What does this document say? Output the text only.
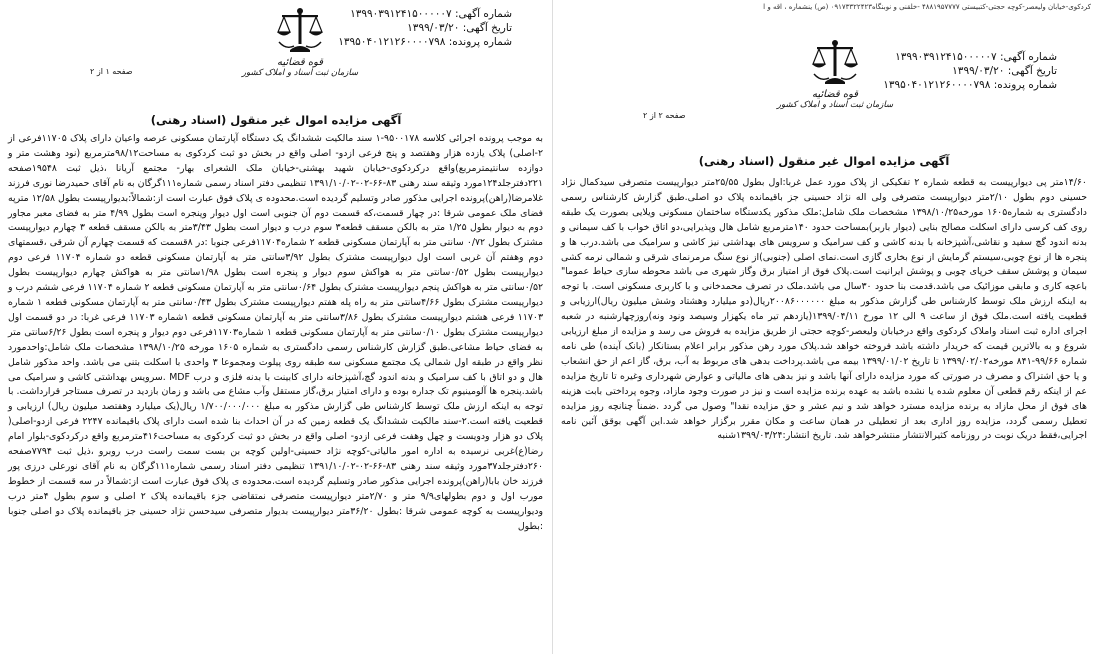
شماره آگهی: ۱۳۹۹۰۳۹۱۲۴۱۵۰۰۰۰۰۷
تاریخ آگهی: ۱۳۹۹/۰۳/۲۰
شماره پرونده: ۱۳۹۵۰۴۰۱۲۱۲۶۰۰۰۰۷۹۸
قوه قضائیه
سازمان ثبت اسناد و املاک کشور
صفحه ۱ از ۲
آگهی مزایده اموال غیر منقول (اسناد رهنی)
به موجب پرونده اجرائی کلاسه ۹۵۰۰۱۷۸-۱ سند مالکیت ششدانگ یک دستگاه آپارتمان مسکونی عرصه واعیان دارای پلاک ۱۱۷۰۵فرعی از ۲-اصلی) پلاک یازده هزار وهفتصد و پنج فرعی ازدو- اصلی واقع در بخش دو ثبت کردکوی به مساحت۹۸/۱۲مترمربع (نود وهشت متر و دوازده سانتیمترمربع)واقع درکردکوی-خیابان شهید بهشتی-خیابان ملک الشعرای بهار- مجتمع آریانا ،ذیل ثبت ۱۹۵۴۸صفحه ۲۲۱دفترجلد۱۲۴مورد وثیقه سند رهنی ۸۳-۶۶-۰۲-۱۳۹۱/۱۰/۰۲ تنظیمی دفتر اسناد رسمی شماره۱۱۱گرگان به نام آقای حمیدرضا نوری فرزند غلامرضا(راهن)پرونده اجرایی مذکور صادر وتسلیم گردیده است.محدوده ی پلاک فوق عبارت است از:شمالاً:بدیوارپیست بطول ۱۲/۵۸ مترپه فضای ملک عمومی شرقا :در چهار قسمت،که قسمت دوم آن جنوبی است اول دیوار وپنجره است بطول ۴/۹۹ متر به فضای معبر مجاور دوم به دیوار بطول ۱/۲۵ متر به بالکن مسقف قطعه۳ سوم درب و دیوار است بطول ۳/۴۳متر به بالکن مسقف قطعه ۳ چهارم دیوارپیست مشترک بطول ۰/۷۲ سانتی متر به آپارتمان مسکونی قطعه ۲ شماره۱۱۷۰۴فرعی جنوبا :در ۸قسمت که قسمت چهارم آن شرقی ،قسمتهای دوم وهفتم آن غربی است اول دیوارپیست مشترک بطول ۳/۹۲سانتی متر به آپارتمان مسکونی قطعه دو شماره ۱۱۷۰۴ فرعی دوم دیوارپیست بطول ۰/۵۲سانتی متر به هواکش سوم دیوار و پنجره است بطول ۱/۹۸سانتی متر به هواکش چهارم دیوارپیست بطول ۰/۵۲سانتی متر به هواکش پنجم دیوارپیست مشترک بطول ۰/۶۴سانتی متر به آپارتمان مسکونی قطعه ۲ شماره ۱۱۷۰۴ فرعی ششم درب و دیوارپیست مشترک بطول ۴/۶۶سانتی متر به راه پله هفتم دیوارپیست مشترک بطول ۰/۴۳سانتی متر به آپارتمان مسکونی قطعه ۱ شماره ۱۱۷۰۳ فرعی هشتم دیوارپیست مشترک بطول ۳/۸۶سانتی متر به آپارتمان مسکونی قطعه ۱شماره ۱۱۷۰۳ فرعی غربا: در دو قسمت اول دیوارپیست مشترک بطول ۰/۱۰سانتی متر به آپارتمان مسکونی قطعه ۱ شماره۱۱۷۰۳فرعی دوم دیوار و پنجره است بطول ۶/۲۶سانتی متر به فضای حیاط مشاعی.طبق گزارش کارشناس رسمی دادگستری به شماره ۱۶۰۵ مورخه ۱۳۹۸/۱۰/۲۵ مشخصات ملک شامل:واحدمورد نظر واقع در طبقه اول شمالی یک مجتمع مسکونی سه طبقه روی پیلوت ومجموعا ۳ واحدی با اسکلت بتنی می باشد. واحد مذکور شامل هال و دو اتاق با کف سرامیک و بدنه اندود گچ،آشپزخانه دارای کابینت با بدنه فلزی و درب MDF .سرویس بهداشتی کاشی و سرامیک می باشد.پنجره ها آلومینیوم تک جداره بوده و دارای امتیاز برق،گاز مستقل وآب مشاع می باشد و زمان بازدید در تصرف مستاجر قرارداشت. با توجه به اینکه ارزش ملک توسط کارشناس طی گزارش مذکور به مبلغ ۱/۷۰۰/۰۰۰/۰۰۰ ریال(یک میلیارد وهفتصد میلیون ریال) ارزیابی و قطعیت یافته است.۲-سند مالکیت ششدانگ یک قطعه زمین که در آن احداث بنا شده است دارای پلاک باقیمانده ۲۲۴۷ فرعی ازدو-اصلی( پلاک دو هزار ودویست و چهل وهفت فرعی ازدو- اصلی واقع در بخش دو ثبت کردکوی به مساحت۴۱۶مترمربع واقع درکردکوی-بلوار امام رضا(ع)غربی نرسیده به اداره امور مالیاتی-کوچه نژاد حسینی-اولین کوچه بن بست سمت راست درب روبرو ،ذیل ثبت ۷۷۹۴صفحه ۲۶۰دفترجلد۳۷مورد وثیقه سند رهنی ۸۳-۶۶-۰۲-۱۳۹۱/۱۰/۰۲ تنظیمی دفتر اسناد رسمی شماره۱۱۱گرگان به نام آقای نورعلی درزی پور فرزند خان بابا(راهن)پرونده اجرایی مذکور صادر وتسلیم گردیده است.محدوده ی پلاک فوق عبارت است از:شمالاً در سه قسمت از خطوط مورب اول و دوم بطولهای۹/۹ متر و ۲/۷۰متر دیوارپیست متصرفی نمتقاضی جزء باقیمانده پلاک ۲ اصلی و سوم بطول ۴متر درب ودیوارپیست به کوچه عمومی شرقا :بطول ۳۶/۲۰متر دیوارپیست بدیوار متصرفی سیدحسن نژاد حسینی جز باقیمانده پلاک دو اصلی جنوبا :بطول
کردکوی-خیابان ولیعصر-کوچه حجتی-کتبیستی ۴۸۸۱۹۵۷۷۷۷ -خلقنی و نوبنگاه۰۹۱۷۳۳۲۲۴۲۳ (ص) ینشماره ، اقه و ا
شماره آگهی: ۱۳۹۹۰۳۹۱۲۴۱۵۰۰۰۰۰۷
تاریخ آگهی: ۱۳۹۹/۰۳/۲۰
شماره پرونده: ۱۳۹۵۰۴۰۱۲۱۲۶۰۰۰۰۷۹۸
قوه قضائیه
سازمان ثبت اسناد و املاک کشور
صفحه ۲ از ۲
آگهی مزایده اموال غیر منقول (اسناد رهنی)
۱۴/۶۰متر پی دیوارپیست به قطعه شماره ۲ تفکیکی از پلاک مورد عمل غربا:اول بطول ۲۵/۵۵متر دیوارپیست متصرفی سیدکمال نژاد حسینی دوم بطول ۲/۱۰متر دیوارپیست متصرفی ولی اله نژاد حسینی جز باقیمانده پلاک دو اصلی.طبق گزارش کارشناس رسمی دادگستری به شماره۱۶۰۵ مورخه۱۳۹۸/۱۰/۲۵ مشخصات ملک شامل:ملک مذکور یکدستگاه ساختمان مسکونی ویلایی بصورت یک طبقه روی کف کرسی دارای اسکلت مصالح بنایی (دیوار باربر)بمساحت حدود ۱۴۰مترمربع شامل هال وپذیرایی،دو اتاق خواب با کف سیمانی و بدنه اندود گچ سفید و نقاشی،آشپزخانه با بدنه کاشی و کف سرامیک و سرویس های بهداشتی نیز کاشی و سرامیک می باشد.درب ها و پنجره ها از نوع چوبی،سیستم گرمایش از نوع بخاری گازی است.نمای اصلی (جنوبی)از نوع سنگ مرمرنمای شرقی و شمالی نرمه کشی سیمان و پوشش سقف خرپای چوبی و پوشش ایرانیت است.پلاک فوق از امتیاز برق وگاز شهری می باشد محوطه سازی حیاط عموما" باعچه کاری و مابقی موزائیک می باشد.قدمت بنا حدود ۳۰سال می باشد.ملک در تصرف محمدخانی و با کاربری مسکونی است. با توجه به اینکه ارزش ملک توسط کارشناس طی گزارش مذکور به مبلغ ۲۰۰۸۶۰۰۰۰۰۰ریال(دو میلیارد وهشتاد وشش میلیون ریال)ارزیابی و قطعیت یافته است.ملک فوق از ساعت ۹ الی ۱۲ مورخ ۱۳۹۹/۰۴/۱۱(یازدهم تیر ماه یکهزار وسیصد ونود ونه)روزچهارشنبه در شعبه اجرای اداره ثبت اسناد واملاک کردکوی واقع درخیابان ولیعصر-کوچه حجتی از طریق مزایده به فروش می رسد و مزایده از مبلغ ارزیابی شروع و به بالاترین قیمت که خریدار داشته باشد فروخته خواهد شد.پلاک مورد رهن مذکور برابر اعلام بستانکار (بانک آینده) طی نامه شماره ۹۹/۶۶-۸۴۱ مورخه۱۳۹۹/۰۲/۰۲ تا تاریخ ۱۳۹۹/۰۱/۰۲ بیمه می باشد.پرداخت بدهی های مربوط به آب، برق، گاز اعم از حق انشعاب و یا حق اشتراک و مصرف در صورتی که مورد مزایده دارای آنها باشد و نیز بدهی های مالیاتی و عوارض شهرداری وغیره تا تاریخ مزایده عم از اینکه رقم قطعی آن معلوم شده یا نشده باشد به عهده برنده مزایده است و نیز در صورت وجود مازاد، وجوه پرداختی بابت هزینه های فوق از محل مازاد به برنده مزایده مسترد خواهد شد و نیم عشر و حق مزایده نقدا" وصول می گردد .ضمناً چنانچه روز مزایده تعطیل رسمی گردد، مزایده روز اداری بعد از تعطیلی در همان ساعت و مکان مقرر برگزار خواهد شد.این آگهی بوقق آئین نامه اجرایی،فقط دریک نوبت در روزنامه کثیرالانتشار منتشرخواهد شد. تاریخ انتشار:۱۳۹۹/۰۳/۲۴شنبه
